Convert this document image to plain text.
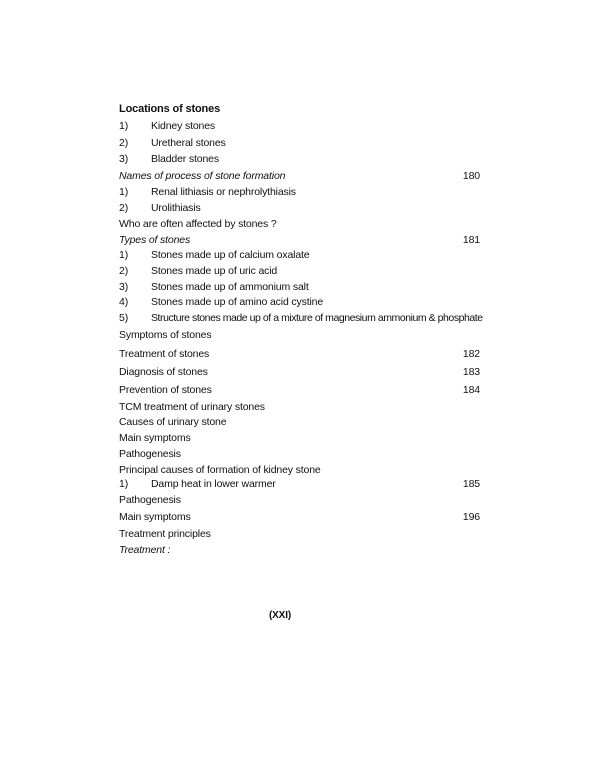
Locations of stones
1) Kidney stones
2) Uretheral stones
3) Bladder stones
Names of process of stone formation	180
1) Renal lithiasis or nephrolythiasis
2) Urolithiasis
Who are often affected by stones ?
Types of stones	181
1) Stones made up of calcium oxalate
2) Stones made up of uric acid
3) Stones made up of ammonium salt
4) Stones made up of amino acid cystine
5) Structure stones made up of a mixture of magnesium ammonium & phosphate
Symptoms of stones
Treatment of stones	182
Diagnosis of stones	183
Prevention of stones	184
TCM treatment of urinary stones
Causes of urinary stone
Main symptoms
Pathogenesis
Principal causes of formation of kidney stone
1) Damp heat in lower warmer	185
Pathogenesis
Main symptoms	196
Treatment principles
Treatment :
(XXI)
